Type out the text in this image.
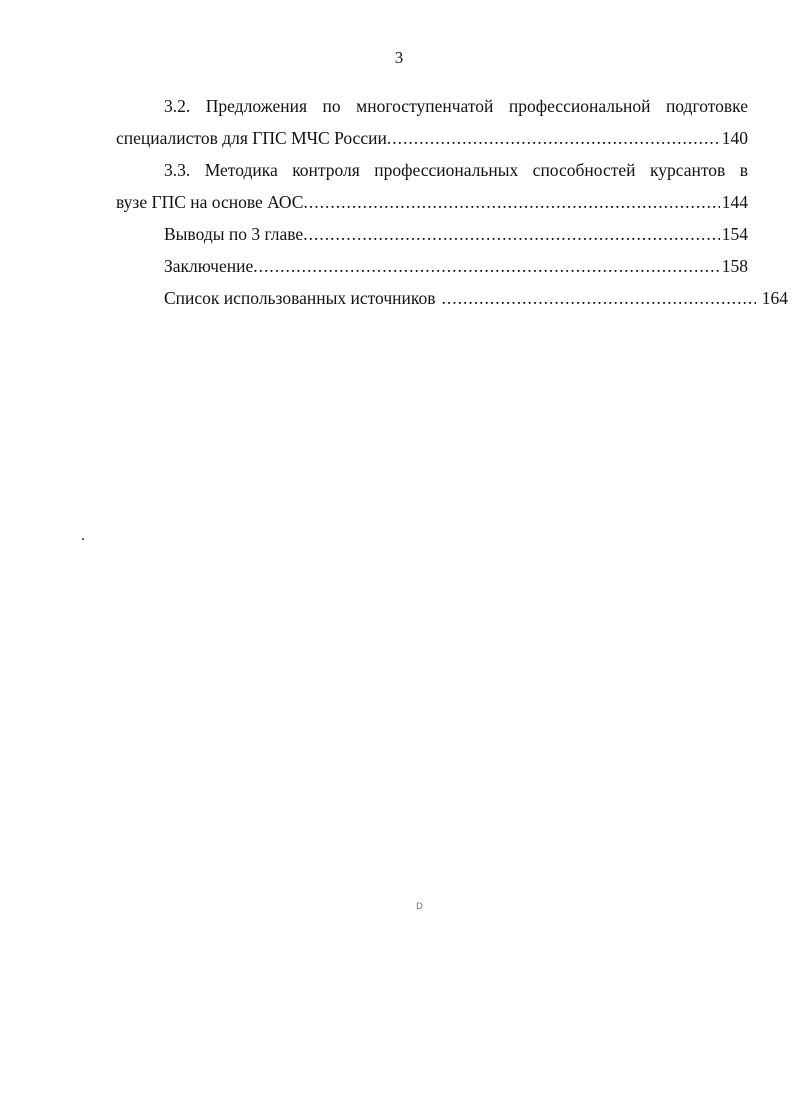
3
3.2. Предложения по многоступенчатой профессиональной подготовке
специалистов для ГПС МЧС России .....	140
3.3. Методика контроля профессиональных способностей курсантов в
вузе ГПС на основе АОС .....	144
Выводы по 3 главе .....	154
Заключение .....	158
Список использованных источников .....	164
D
